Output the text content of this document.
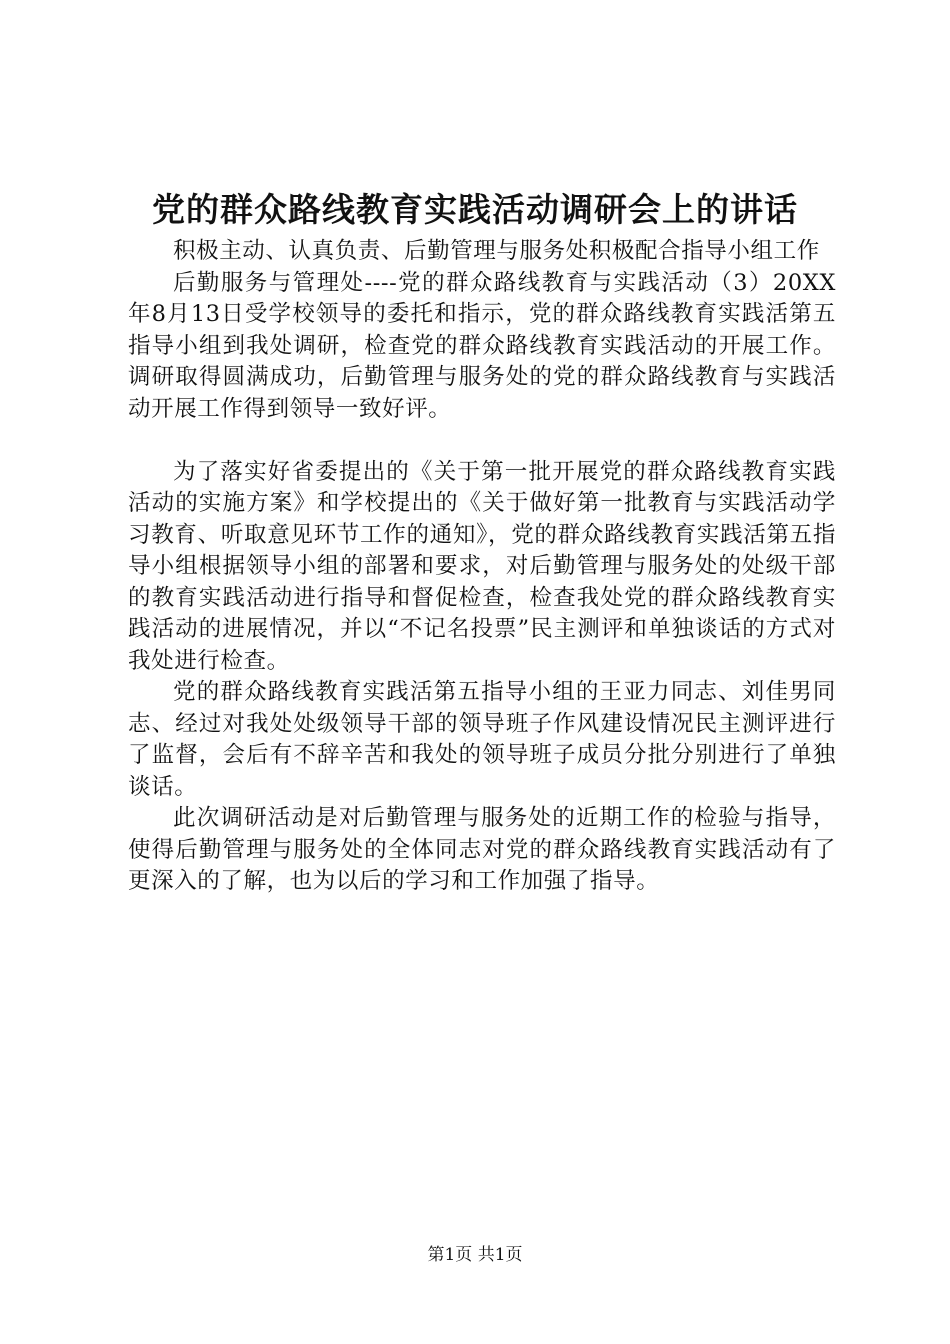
党的群众路线教育实践活动调研会上的讲话

积极主动、认真负责、后勤管理与服务处积极配合指导小组工作

后勤服务与管理处----党的群众路线教育与实践活动（3）20XX年8月13日受学校领导的委托和指示，党的群众路线教育实践活第五指导小组到我处调研，检查党的群众路线教育实践活动的开展工作。调研取得圆满成功，后勤管理与服务处的党的群众路线教育与实践活动开展工作得到领导一致好评。

为了落实好省委提出的《关于第一批开展党的群众路线教育实践活动的实施方案》和学校提出的《关于做好第一批教育与实践活动学习教育、听取意见环节工作的通知》，党的群众路线教育实践活第五指导小组根据领导小组的部署和要求，对后勤管理与服务处的处级干部的教育实践活动进行指导和督促检查，检查我处党的群众路线教育实践活动的进展情况，并以“不记名投票”民主测评和单独谈话的方式对我处进行检查。

党的群众路线教育实践活第五指导小组的王亚力同志、刘佳男同志、经过对我处处级领导干部的领导班子作风建设情况民主测评进行了监督，会后有不辞辛苦和我处的领导班子成员分批分别进行了单独谈话。

此次调研活动是对后勤管理与服务处的近期工作的检验与指导，使得后勤管理与服务处的全体同志对党的群众路线教育实践活动有了更深入的了解，也为以后的学习和工作加强了指导。

第1页 共1页
